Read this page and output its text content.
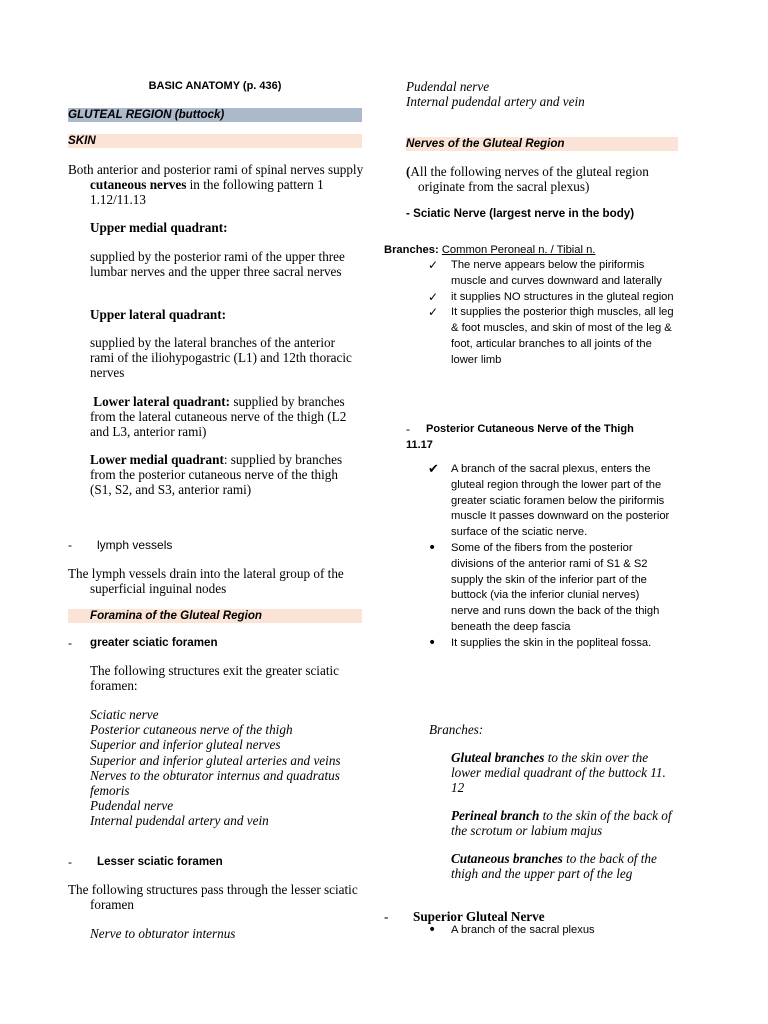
BASIC ANATOMY (p. 436)
GLUTEAL REGION (buttock)
SKIN

Both anterior and posterior rami of spinal nerves supply cutaneous nerves in the following pattern 1        1.12/11.13

Upper medial quadrant:

supplied by the posterior rami of the upper three lumbar nerves and the upper three sacral nerves

Upper lateral quadrant:

supplied by the lateral branches of the anterior rami of the iliohypogastric (L1) and 12th thoracic nerves

Lower lateral quadrant: supplied by branches from the lateral cutaneous nerve of the thigh (L2 and L3, anterior rami)

Lower medial quadrant: supplied by branches from the posterior cutaneous nerve of the thigh (S1, S2, and S3, anterior rami)

- lymph vessels

The lymph vessels drain into the lateral group of the superficial inguinal nodes

Foramina of the Gluteal Region
- greater sciatic foramen

The following structures exit the greater sciatic foramen:

Sciatic nerve
Posterior cutaneous nerve of the thigh
Superior and inferior gluteal nerves
Superior and inferior gluteal arteries and veins
Nerves to the obturator internus and quadratus femoris
Pudendal nerve
Internal pudendal artery and vein
- Lesser sciatic foramen

The following structures pass through the lesser sciatic foramen

Nerve to obturator internus

Pudendal nerve
Internal pudendal artery and vein
Nerves of the Gluteal Region

(All the following nerves of the gluteal region originate from the sacral plexus)

- Sciatic Nerve (largest nerve in the body)
Branches: Common Peroneal n. / Tibial n.
✓ The nerve appears below the piriformis muscle and curves downward and laterally
✓ it supplies NO structures in the gluteal region
✓ It supplies the posterior thigh muscles, all leg & foot muscles, and skin of most of the leg & foot, articular branches to all joints of the lower limb
- Posterior Cutaneous Nerve of the Thigh
11.17
✔ A branch of the sacral plexus, enters the gluteal region through the lower part of the greater sciatic foramen below the piriformis muscle It passes downward on the posterior surface of the sciatic nerve.
• Some of the fibers from the posterior divisions of the anterior rami of S1 & S2 supply the skin of the inferior part of the buttock (via the inferior clunial nerves)
nerve and runs down the back of the thigh beneath the deep fascia
• It supplies the skin in the popliteal fossa.
Branches:

Gluteal branches to the skin over the lower medial quadrant of the buttock 11. 12

Perineal branch to the skin of the back of the scrotum or labium majus

Cutaneous branches to the back of the thigh and the upper part of the leg

- Superior Gluteal Nerve
• A branch of the sacral plexus
